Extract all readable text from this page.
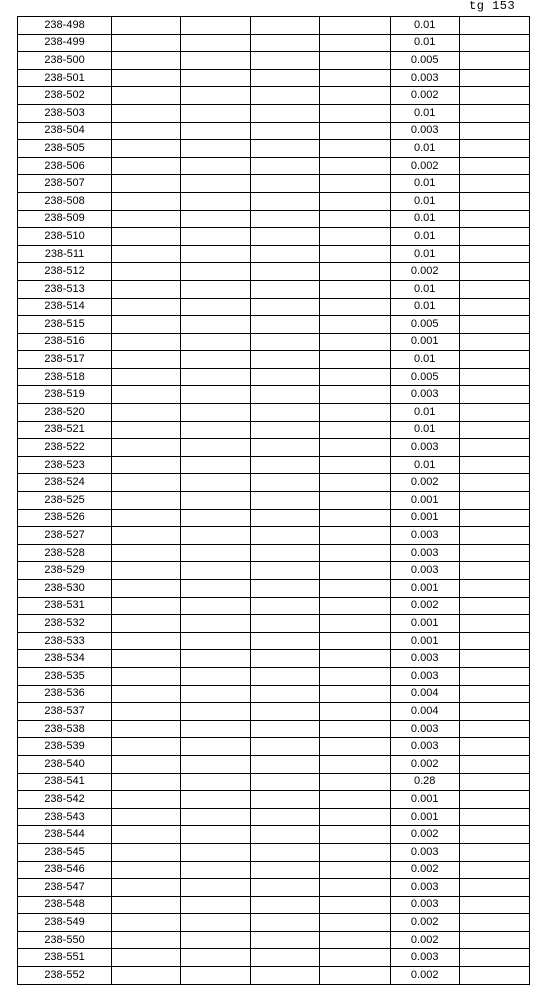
tg 153
238-498					0.01	
238-499					0.01	
238-500					0.005	
238-501					0.003	
238-502					0.002	
238-503					0.01	
238-504					0.003	
238-505					0.01	
238-506					0.002	
238-507					0.01	
238-508					0.01	
238-509					0.01	
238-510					0.01	
238-511					0.01	
238-512					0.002	
238-513					0.01	
238-514					0.01	
238-515					0.005	
238-516					0.001	
238-517					0.01	
238-518					0.005	
238-519					0.003	
238-520					0.01	
238-521					0.01	
238-522					0.003	
238-523					0.01	
238-524					0.002	
238-525					0.001	
238-526					0.001	
238-527					0.003	
238-528					0.003	
238-529					0.003	
238-530					0.001	
238-531					0.002	
238-532					0.001	
238-533					0.001	
238-534					0.003	
238-535					0.003	
238-536					0.004	
238-537					0.004	
238-538					0.003	
238-539					0.003	
238-540					0.002	
238-541					0.28	
238-542					0.001	
238-543					0.001	
238-544					0.002	
238-545					0.003	
238-546					0.002	
238-547					0.003	
238-548					0.003	
238-549					0.002	
238-550					0.002	
238-551					0.003	
238-552					0.002	
